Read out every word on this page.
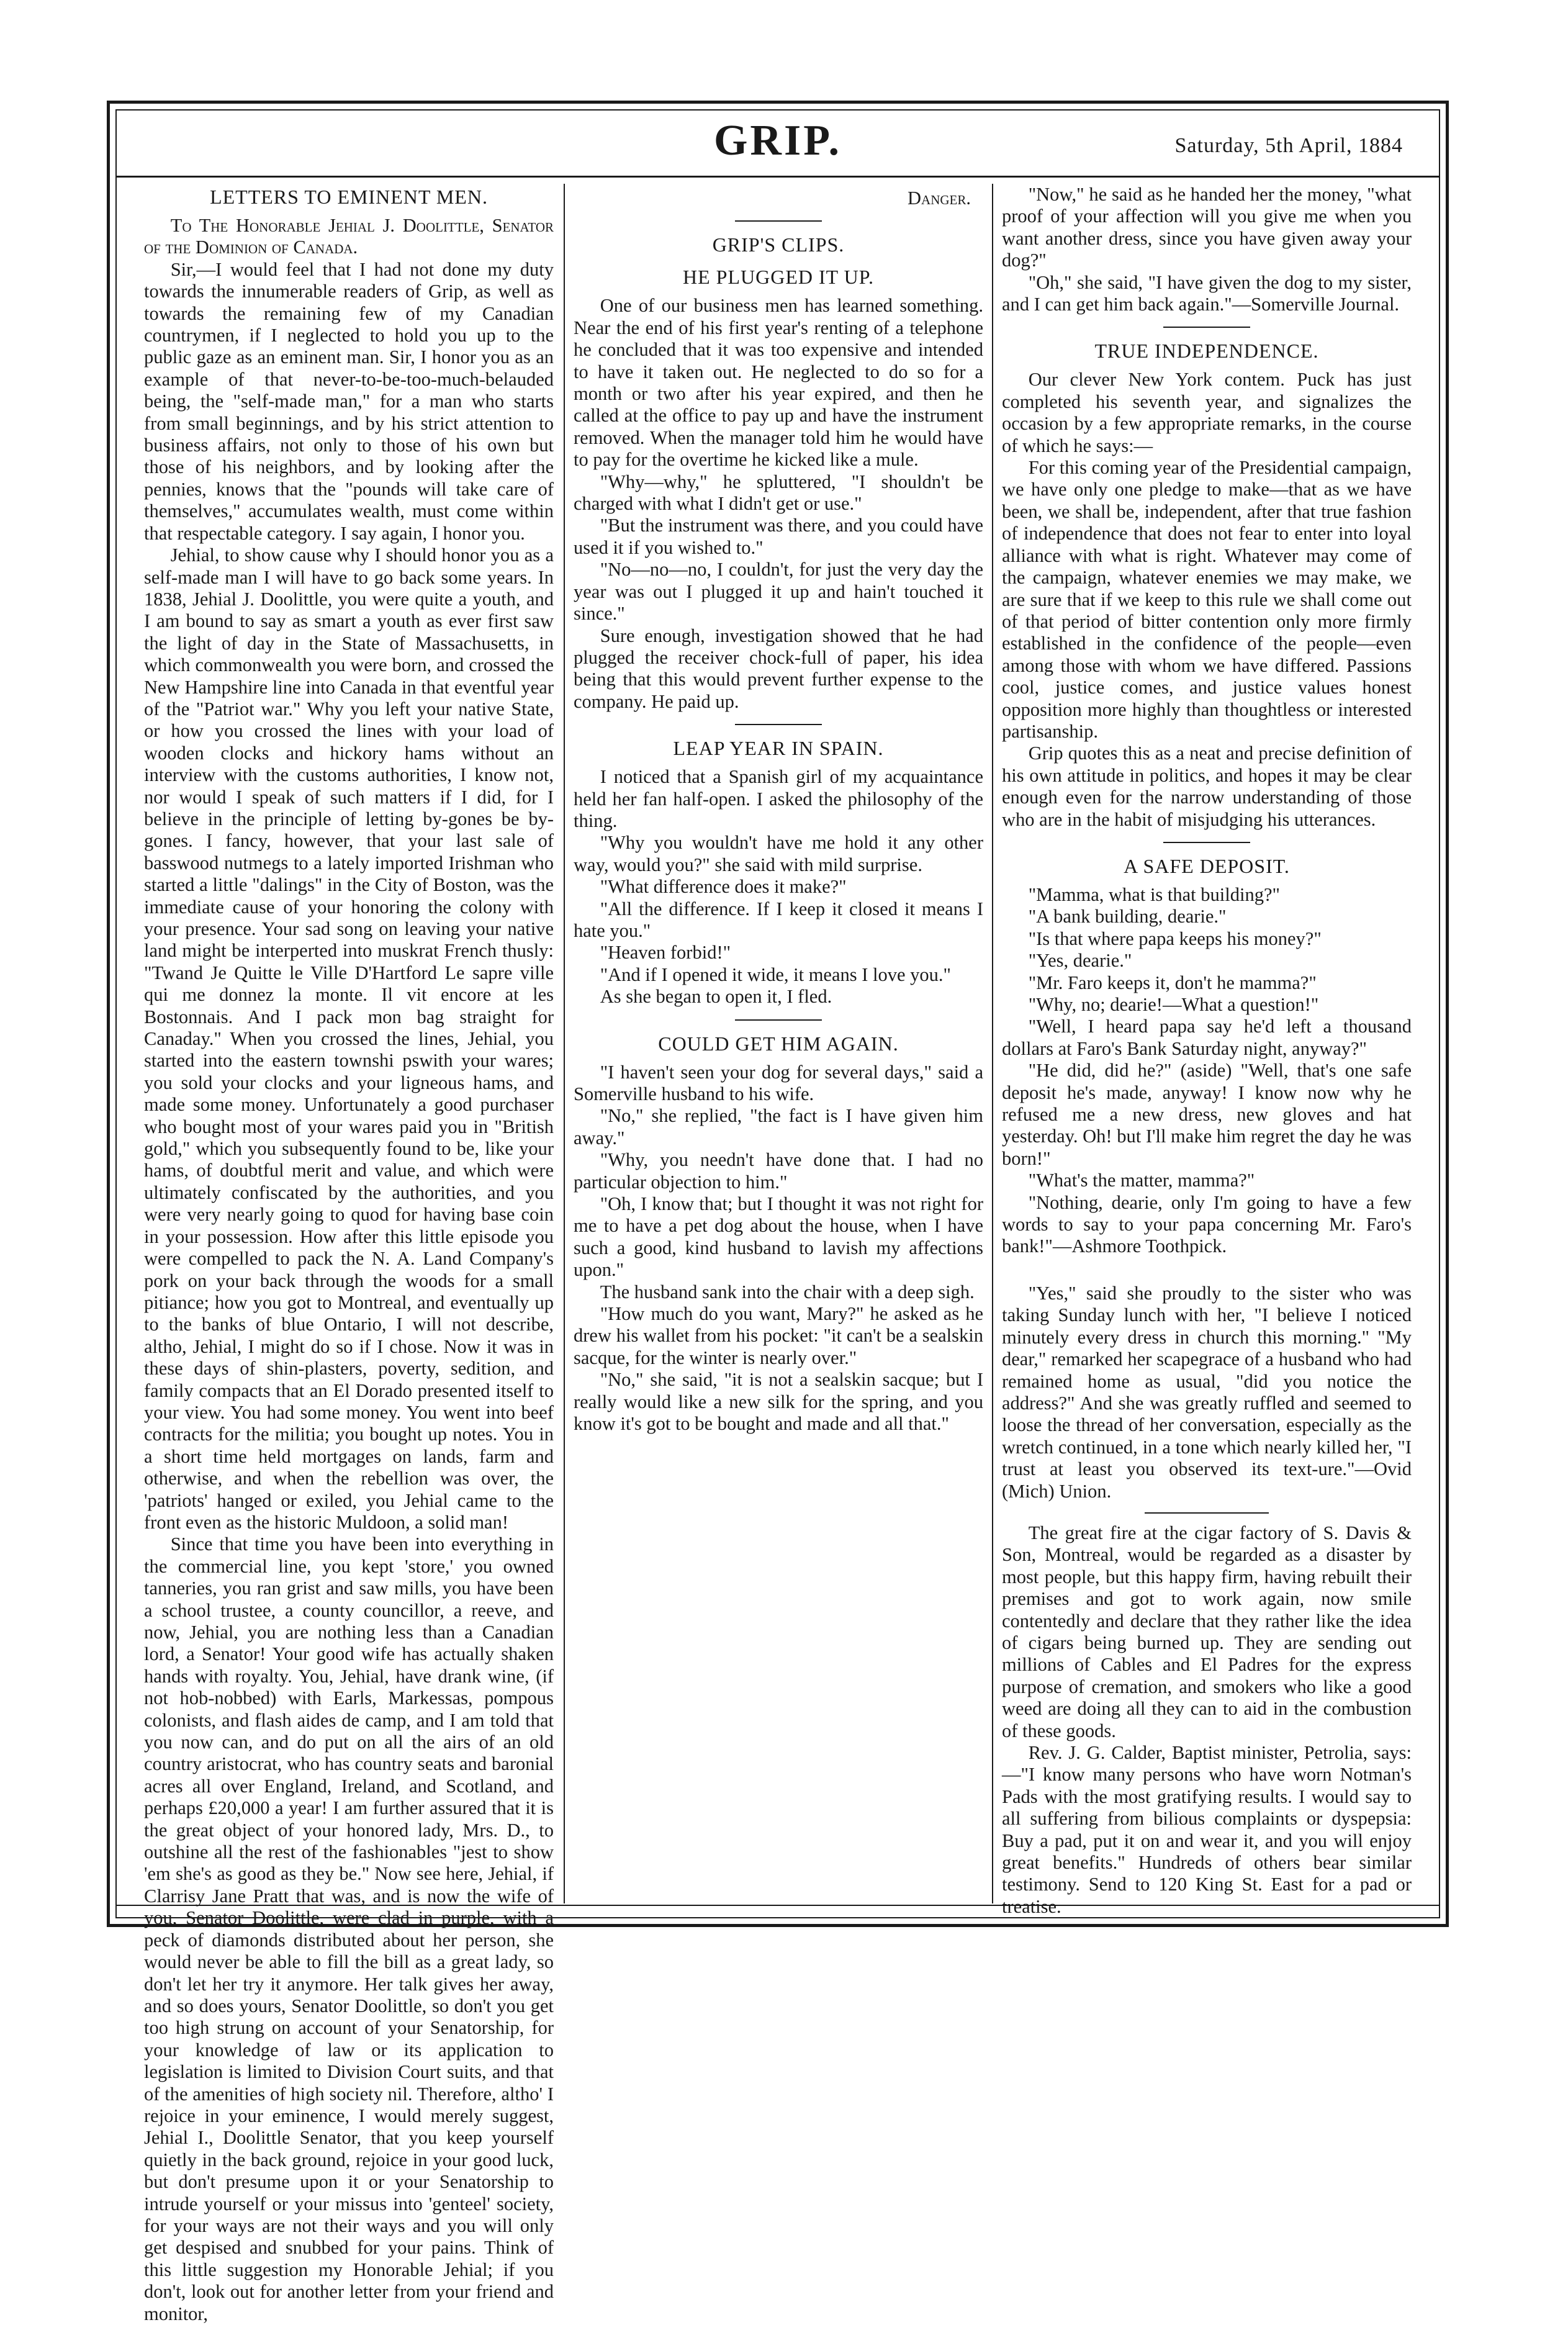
GRIP.	Saturday, 5th April, 1884
LETTERS TO EMINENT MEN.

To The Honorable Jehial J. Doolittle, Senator of the Dominion of Canada.

Sir,—I would feel that I had not done my duty towards the innumerable readers of Grip, as well as towards the remaining few of my Canadian countrymen, if I neglected to hold you up to the public gaze as an eminent man. Sir, I honor you as an example of that never-to-be-too-much-belauded being, the "self-made man," for a man who starts from small beginnings, and by his strict attention to business affairs, not only to those of his own but those of his neighbors, and by looking after the pennies, knows that the "pounds will take care of themselves," accumulates wealth, must come within that respectable category. I say again, I honor you.

Jehial, to show cause why I should honor you as a self-made man I will have to go back some years. In 1838, Jehial J. Doolittle, you were quite a youth, and I am bound to say as smart a youth as ever first saw the light of day in the State of Massachusetts, in which commonwealth you were born, and crossed the New Hampshire line into Canada in that eventful year of the "Patriot war." Why you left your native State, or how you crossed the lines with your load of wooden clocks and hickory hams without an interview with the customs authorities, I know not, nor would I speak of such matters if I did, for I believe in the principle of letting by-gones be by-gones. I fancy, however, that your last sale of basswood nutmegs to a lately imported Irishman who started a little "dalings" in the City of Boston, was the immediate cause of your honoring the colony with your presence. Your sad song on leaving your native land might be interperted into muskrat French thusly: "Twand Je Quitte le Ville D'Hartford Le sapre ville qui me donnez la monte. Il vit encore at les Bostonnais. And I pack mon bag straight for Canaday." When you crossed the lines, Jehial, you started into the eastern townshi pswith your wares; you sold your clocks and your ligneous hams, and made some money. Unfortunately a good purchaser who bought most of your wares paid you in "British gold," which you subsequently found to be, like your hams, of doubtful merit and value, and which were ultimately confiscated by the authorities, and you were very nearly going to quod for having base coin in your possession. How after this little episode you were compelled to pack the N. A. Land Company's pork on your back through the woods for a small pitiance; how you got to Montreal, and eventually up to the banks of blue Ontario, I will not describe, altho, Jehial, I might do so if I chose. Now it was in these days of shin-plasters, poverty, sedition, and family compacts that an El Dorado presented itself to your view. You had some money. You went into beef contracts for the militia; you bought up notes. You in a short time held mortgages on lands, farm and otherwise, and when the rebellion was over, the 'patriots' hanged or exiled, you Jehial came to the front even as the historic Muldoon, a solid man!

Since that time you have been into everything in the commercial line, you kept 'store,' you owned tanneries, you ran grist and saw mills, you have been a school trustee, a county councillor, a reeve, and now, Jehial, you are nothing less than a Canadian lord, a Senator! Your good wife has actually shaken hands with royalty. You, Jehial, have drank wine, (if not hob-nobbed) with Earls, Markessas, pompous colonists, and flash aides de camp, and I am told that you now can, and do put on all the airs of an old country aristocrat, who has country seats and baronial acres all over England, Ireland, and Scotland, and perhaps £20,000 a year! I am further assured that it is the great object of your honored lady, Mrs. D., to outshine all the rest of the fashionables "jest to show 'em she's as good as they be." Now see here, Jehial, if Clarrisy Jane Pratt that was, and is now the wife of you, Senator Doolittle, were clad in purple, with a peck of diamonds distributed about her person, she would never be able to fill the bill as a great lady, so don't let her try it anymore. Her talk gives her away, and so does yours, Senator Doolittle, so don't you get too high strung on account of your Senatorship, for your knowledge of law or its application to legislation is limited to Division Court suits, and that of the amenities of high society nil. Therefore, altho' I rejoice in your eminence, I would merely suggest, Jehial I., Doolittle Senator, that you keep yourself quietly in the back ground, rejoice in your good luck, but don't presume upon it or your Senatorship to intrude yourself or your missus into 'genteel' society, for your ways are not their ways and you will only get despised and snubbed for your pains. Think of this little suggestion my Honorable Jehial; if you don't, look out for another letter from your friend and monitor,

Danger.
GRIP'S CLIPS.
HE PLUGGED IT UP.

One of our business men has learned something. Near the end of his first year's renting of a telephone he concluded that it was too expensive and intended to have it taken out. He neglected to do so for a month or two after his year expired, and then he called at the office to pay up and have the instrument removed. When the manager told him he would have to pay for the overtime he kicked like a mule.

"Why—why," he spluttered, "I shouldn't be charged with what I didn't get or use."

"But the instrument was there, and you could have used it if you wished to."

"No—no—no, I couldn't, for just the very day the year was out I plugged it up and hain't touched it since."

Sure enough, investigation showed that he had plugged the receiver chock-full of paper, his idea being that this would prevent further expense to the company. He paid up.

LEAP YEAR IN SPAIN.

I noticed that a Spanish girl of my acquaintance held her fan half-open. I asked the philosophy of the thing.

"Why you wouldn't have me hold it any other way, would you?" she said with mild surprise.

"What difference does it make?"

"All the difference. If I keep it closed it means I hate you."

"Heaven forbid!"

"And if I opened it wide, it means I love you."

As she began to open it, I fled.

COULD GET HIM AGAIN.

"I haven't seen your dog for several days," said a Somerville husband to his wife.

"No," she replied, "the fact is I have given him away."

"Why, you needn't have done that. I had no particular objection to him."

"Oh, I know that; but I thought it was not right for me to have a pet dog about the house, when I have such a good, kind husband to lavish my affections upon."

The husband sank into the chair with a deep sigh.

"How much do you want, Mary?" he asked as he drew his wallet from his pocket: "it can't be a sealskin sacque, for the winter is nearly over."

"No," she said, "it is not a sealskin sacque; but I really would like a new silk for the spring, and you know it's got to be bought and made and all that."

"Now," he said as he handed her the money, "what proof of your affection will you give me when you want another dress, since you have given away your dog?"

"Oh," she said, "I have given the dog to my sister, and I can get him back again."—Somerville Journal.

TRUE INDEPENDENCE.

Our clever New York contem. Puck has just completed his seventh year, and signalizes the occasion by a few appropriate remarks, in the course of which he says:—

For this coming year of the Presidential campaign, we have only one pledge to make—that as we have been, we shall be, independent, after that true fashion of independence that does not fear to enter into loyal alliance with what is right. Whatever may come of the campaign, whatever enemies we may make, we are sure that if we keep to this rule we shall come out of that period of bitter contention only more firmly established in the confidence of the people—even among those with whom we have differed. Passions cool, justice comes, and justice values honest opposition more highly than thoughtless or interested partisanship.

Grip quotes this as a neat and precise definition of his own attitude in politics, and hopes it may be clear enough even for the narrow understanding of those who are in the habit of misjudging his utterances.

A SAFE DEPOSIT.

"Mamma, what is that building?"

"A bank building, dearie."

"Is that where papa keeps his money?"

"Yes, dearie."

"Mr. Faro keeps it, don't he mamma?"

"Why, no; dearie!—What a question!"

"Well, I heard papa say he'd left a thousand dollars at Faro's Bank Saturday night, anyway?"

"He did, did he?" (aside) "Well, that's one safe deposit he's made, anyway! I know now why he refused me a new dress, new gloves and hat yesterday. Oh! but I'll make him regret the day he was born!"

"What's the matter, mamma?"

"Nothing, dearie, only I'm going to have a few words to say to your papa concerning Mr. Faro's bank!"—Ashmore Toothpick.

"Yes," said she proudly to the sister who was taking Sunday lunch with her, "I believe I noticed minutely every dress in church this morning." "My dear," remarked her scapegrace of a husband who had remained home as usual, "did you notice the address?" And she was greatly ruffled and seemed to loose the thread of her conversation, especially as the wretch continued, in a tone which nearly killed her, "I trust at least you observed its text-ure."—Ovid (Mich) Union.

The great fire at the cigar factory of S. Davis & Son, Montreal, would be regarded as a disaster by most people, but this happy firm, having rebuilt their premises and got to work again, now smile contentedly and declare that they rather like the idea of cigars being burned up. They are sending out millions of Cables and El Padres for the express purpose of cremation, and smokers who like a good weed are doing all they can to aid in the combustion of these goods.

Rev. J. G. Calder, Baptist minister, Petrolia, says:—"I know many persons who have worn Notman's Pads with the most gratifying results. I would say to all suffering from bilious complaints or dyspepsia: Buy a pad, put it on and wear it, and you will enjoy great benefits." Hundreds of others bear similar testimony. Send to 120 King St. East for a pad or treatise.
